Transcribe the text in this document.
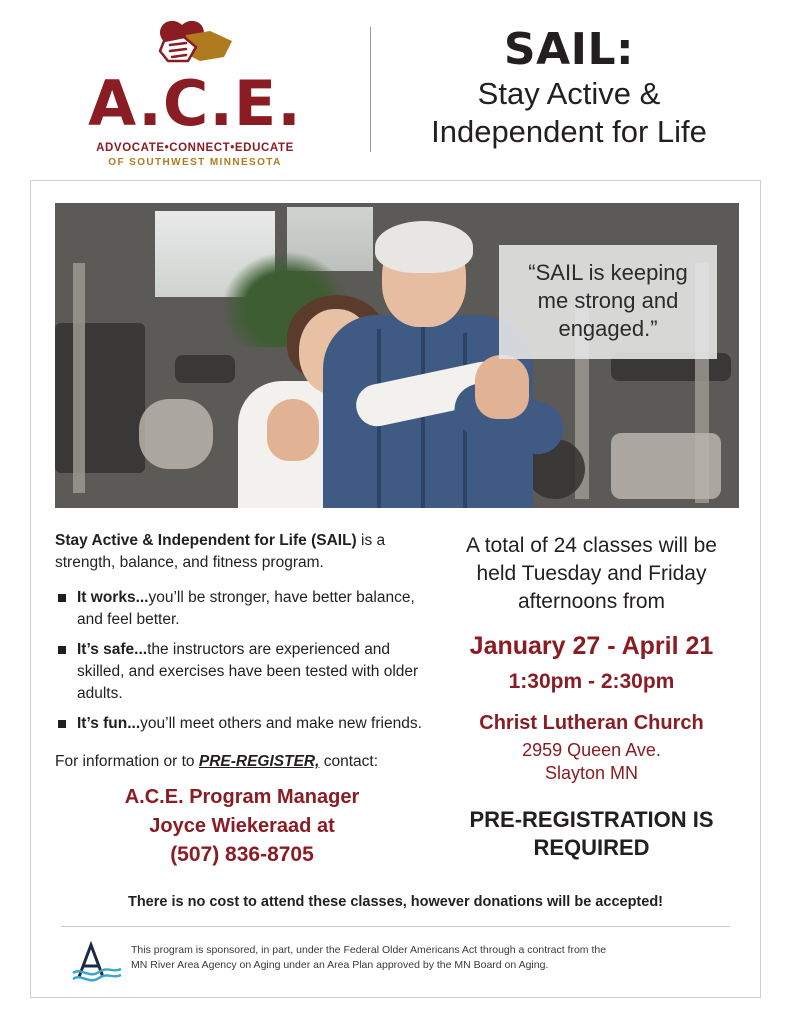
A.C.E.
ADVOCATE•CONNECT•EDUCATE
OF SOUTHWEST MINNESOTA
SAIL:
Stay Active &
Independent for Life
“SAIL is keeping me strong and engaged.”
Stay Active & Independent for Life (SAIL) is a strength, balance, and fitness program.
It works...you’ll be stronger, have better balance, and feel better.
It’s safe...the instructors are experienced and skilled, and exercises have been tested with older adults.
It’s fun...you’ll meet others and make new friends.
For information or to PRE-REGISTER, contact:
A.C.E. Program Manager
Joyce Wiekeraad at
(507) 836-8705
A total of 24 classes will be
held Tuesday and Friday
afternoons from
January 27 - April 21
1:30pm - 2:30pm
Christ Lutheran Church
2959 Queen Ave.
Slayton MN
PRE-REGISTRATION IS
REQUIRED
There is no cost to attend these classes, however donations will be accepted!
This program is sponsored, in part, under the Federal Older Americans Act through a contract from the
MN River Area Agency on Aging under an Area Plan approved by the MN Board on Aging.
